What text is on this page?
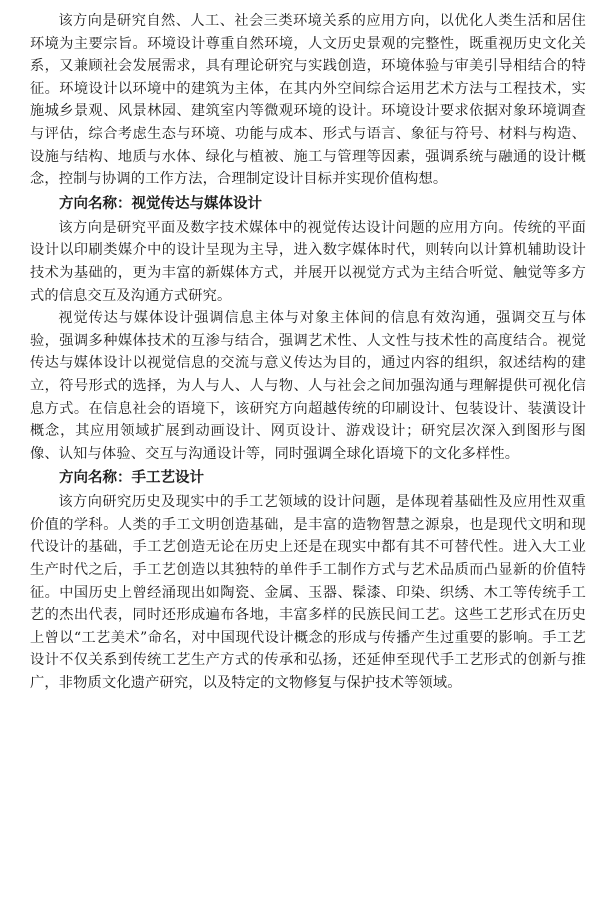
该方向是研究自然、人工、社会三类环境关系的应用方向，以优化人类生活和居住环境为主要宗旨。环境设计尊重自然环境，人文历史景观的完整性，既重视历史文化关系，又兼顾社会发展需求，具有理论研究与实践创造，环境体验与审美引导相结合的特征。环境设计以环境中的建筑为主体，在其内外空间综合运用艺术方法与工程技术，实施城乡景观、风景林园、建筑室内等微观环境的设计。环境设计要求依据对象环境调查与评估，综合考虑生态与环境、功能与成本、形式与语言、象征与符号、材料与构造、设施与结构、地质与水体、绿化与植被、施工与管理等因素，强调系统与融通的设计概念，控制与协调的工作方法，合理制定设计目标并实现价值构想。

方向名称：视觉传达与媒体设计

该方向是研究平面及数字技术媒体中的视觉传达设计问题的应用方向。传统的平面设计以印刷类媒介中的设计呈现为主导，进入数字媒体时代，则转向以计算机辅助设计技术为基础的，更为丰富的新媒体方式，并展开以视觉方式为主结合听觉、触觉等多方式的信息交互及沟通方式研究。

视觉传达与媒体设计强调信息主体与对象主体间的信息有效沟通，强调交互与体验，强调多种媒体技术的互渗与结合，强调艺术性、人文性与技术性的高度结合。视觉传达与媒体设计以视觉信息的交流与意义传达为目的，通过内容的组织，叙述结构的建立，符号形式的选择，为人与人、人与物、人与社会之间加强沟通与理解提供可视化信息方式。在信息社会的语境下，该研究方向超越传统的印刷设计、包装设计、装潢设计概念，其应用领域扩展到动画设计、网页设计、游戏设计；研究层次深入到图形与图像、认知与体验、交互与沟通设计等，同时强调全球化语境下的文化多样性。

方向名称：手工艺设计

该方向研究历史及现实中的手工艺领域的设计问题，是体现着基础性及应用性双重价值的学科。人类的手工文明创造基础，是丰富的造物智慧之源泉，也是现代文明和现代设计的基础，手工艺创造无论在历史上还是在现实中都有其不可替代性。进入大工业生产时代之后，手工艺创造以其独特的单件手工制作方式与艺术品质而凸显新的价值特征。中国历史上曾经涌现出如陶瓷、金属、玉器、髹漆、印染、织绣、木工等传统手工艺的杰出代表，同时还形成遍布各地，丰富多样的民族民间工艺。这些工艺形式在历史上曾以“工艺美术”命名，对中国现代设计概念的形成与传播产生过重要的影响。手工艺设计不仅关系到传统工艺生产方式的传承和弘扬，还延伸至现代手工艺形式的创新与推广，非物质文化遗产研究，以及特定的文物修复与保护技术等领域。
